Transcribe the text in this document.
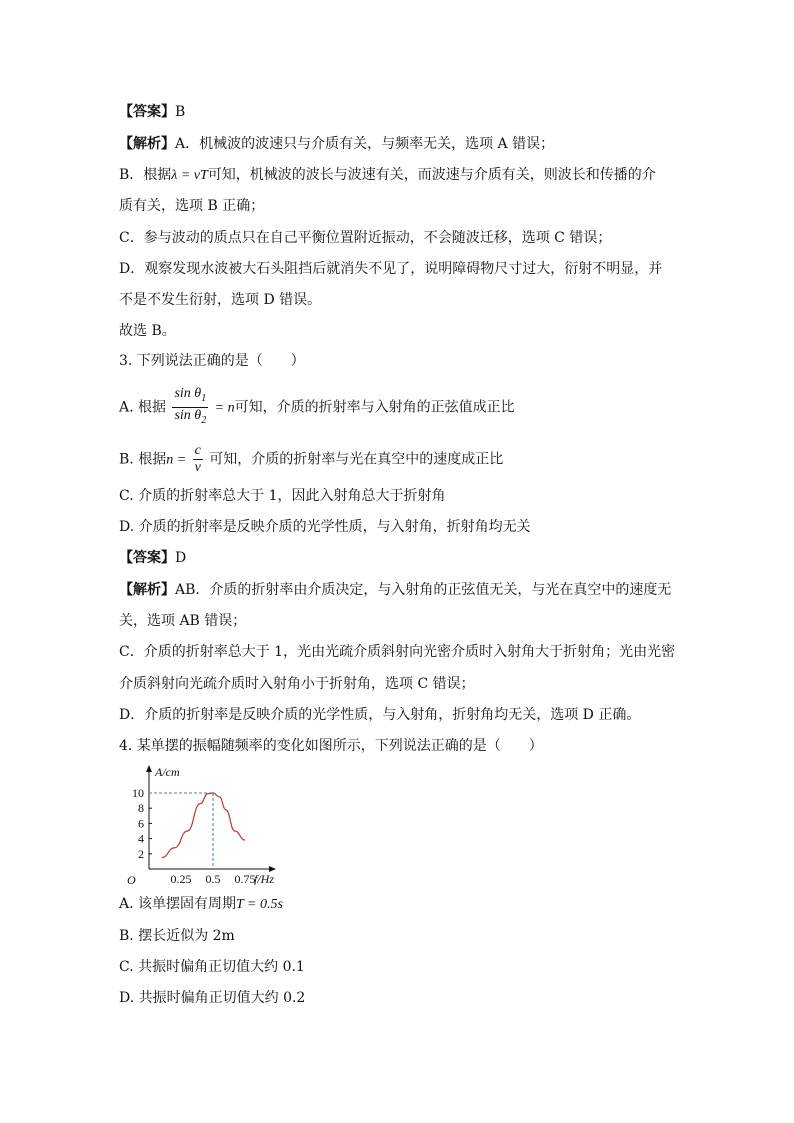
【答案】B
【解析】A．机械波的波速只与介质有关，与频率无关，选项 A 错误；
B．根据λ = vT可知，机械波的波长与波速有关，而波速与介质有关，则波长和传播的介
质有关，选项 B 正确；
C．参与波动的质点只在自己平衡位置附近振动，不会随波迁移，选项 C 错误；
D．观察发现水波被大石头阻挡后就消失不见了，说明障碍物尺寸过大，衍射不明显，并
不是不发生衍射，选项 D 错误。
故选 B。
3. 下列说法正确的是（　　）
A. 根据 $\frac{\sin \theta_1}{\sin \theta_2} = n$可知，介质的折射率与入射角的正弦值成正比
B. 根据$n = \frac{c}{v}$ 可知，介质的折射率与光在真空中的速度成正比
C. 介质的折射率总大于 1，因此入射角总大于折射角
D. 介质的折射率是反映介质的光学性质，与入射角，折射角均无关
【答案】D
【解析】AB．介质的折射率由介质决定，与入射角的正弦值无关，与光在真空中的速度无
关，选项 AB 错误；
C．介质的折射率总大于 1，光由光疏介质斜射向光密介质时入射角大于折射角；光由光密
介质斜射向光疏介质时入射角小于折射角，选项 C 错误；
D．介质的折射率是反映介质的光学性质，与入射角，折射角均无关，选项 D 正确。
4. 某单摆的振幅随频率的变化如图所示，下列说法正确的是（　　）
0.25 0.5 0.75
2
4
6
8
10
A/cm
f/Hz
O
A. 该单摆固有周期T = 0.5s
B. 摆长近似为 2m
C. 共振时偏角正切值大约 0.1
D. 共振时偏角正切值大约 0.2
